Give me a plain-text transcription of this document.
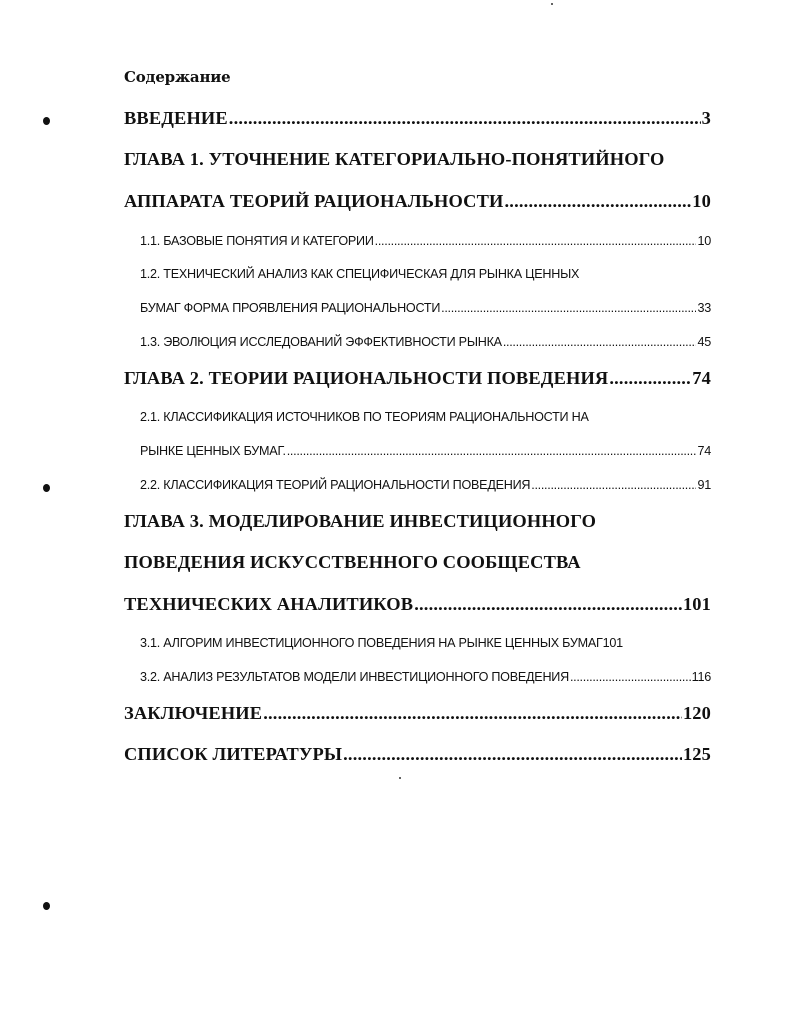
Содержание
ВВЕДЕНИЕ .....	3
ГЛАВА 1. УТОЧНЕНИЕ КАТЕГОРИАЛЬНО-ПОНЯТИЙНОГО
АППАРАТА ТЕОРИЙ РАЦИОНАЛЬНОСТИ .....	10
1.1. БАЗОВЫЕ ПОНЯТИЯ И КАТЕГОРИИ .....	10
1.2. ТЕХНИЧЕСКИЙ АНАЛИЗ КАК СПЕЦИФИЧЕСКАЯ ДЛЯ РЫНКА ЦЕННЫХ
БУМАГ ФОРМА ПРОЯВЛЕНИЯ РАЦИОНАЛЬНОСТИ .....	33
1.3. ЭВОЛЮЦИЯ ИССЛЕДОВАНИЙ ЭФФЕКТИВНОСТИ РЫНКА .....	45
ГЛАВА 2. ТЕОРИИ РАЦИОНАЛЬНОСТИ ПОВЕДЕНИЯ .....	74
2.1. КЛАССИФИКАЦИЯ ИСТОЧНИКОВ ПО ТЕОРИЯМ РАЦИОНАЛЬНОСТИ НА
РЫНКЕ ЦЕННЫХ БУМАГ. .....	74
2.2. КЛАССИФИКАЦИЯ ТЕОРИЙ РАЦИОНАЛЬНОСТИ ПОВЕДЕНИЯ .....	91
ГЛАВА 3. МОДЕЛИРОВАНИЕ ИНВЕСТИЦИОННОГО
ПОВЕДЕНИЯ ИСКУССТВЕННОГО СООБЩЕСТВА
ТЕХНИЧЕСКИХ АНАЛИТИКОВ .....	101
3.1. АЛГОРИМ ИНВЕСТИЦИОННОГО ПОВЕДЕНИЯ НА РЫНКЕ ЦЕННЫХ БУМАГ 101
3.2. АНАЛИЗ РЕЗУЛЬТАТОВ МОДЕЛИ ИНВЕСТИЦИОННОГО ПОВЕДЕНИЯ .....	116
ЗАКЛЮЧЕНИЕ .....	120
СПИСОК ЛИТЕРАТУРЫ .....	125
